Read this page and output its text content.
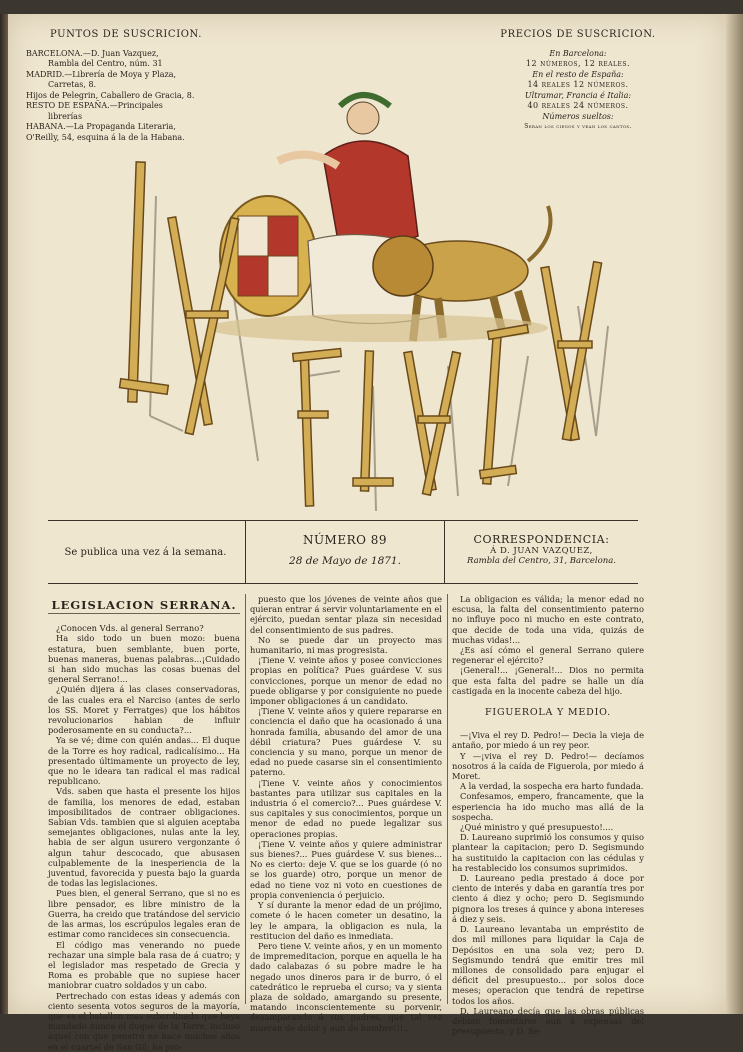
PUNTOS DE SUSCRICION.
BARCELONA.—D. Juan Vazquez,
Rambla del Centro, núm. 31
MADRID.—Librería de Moya y Plaza,
Carretas, 8.
Hijos de Pelegrin, Caballero de Gracia, 8.
RESTO DE ESPAÑA.—Principales
librerías
HABANA.—La Propaganda Literaria,
O'Reilly, 54, esquina á la de la Habana.
PRECIOS DE SUSCRICION.
En Barcelona:
12 números, 12 reales.
En el resto de España:
14 reales 12 números.
Ultramar, Francia é Italia:
40 reales 24 números.
Números sueltos:
Seran los ciegos y vean los cantos.
Se publica una vez á la semana.
NÚMERO 89
28 de Mayo de 1871.
CORRESPONDENCIA:
Á D. JUAN VAZQUEZ,
Rambla del Centro, 31, Barcelona.
LEGISLACION SERRANA.

¿Conocen Vds. al general Serrano?

Ha sido todo un buen mozo: buena estatura, buen semblante, buen porte, buenas maneras, buenas palabras...¡Cuidado si han sido muchas las cosas buenas del general Serrano!...

¿Quién dijera á las clases conservadoras, de las cuales era el Narciso (antes de serlo los SS. Moret y Ferratges) que los hábitos revolucionarios habian de influir poderosamente en su conducta?...

Ya se vé; dime con quién andas... El duque de la Torre es hoy radical, radicalísimo... Ha presentado últimamente un proyecto de ley, que no le ideara tan radical el mas radical republicano.

Vds. saben que hasta el presente los hijos de familia, los menores de edad, estaban imposibilitados de contraer obligaciones. Sabian Vds. tambien que si alguien aceptaba semejantes obligaciones, nulas ante la ley, habia de ser algun usurero vergonzante ó algun tahur descocado, que abusasen culpablemente de la inesperiencia de la juventud, favorecida y puesta bajo la guarda de todas las legislaciones.

Pues bien, el general Serrano, que si no es libre pensador, es libre ministro de la Guerra, ha creido que tratándose del servicio de las armas, los escrúpulos legales eran de estimar como rancideces sin consecuencia.

El código mas venerando no puede rechazar una simple bala rasa de á cuatro; y el legislador mas respetado de Grecia y Roma es probable que no supiese hacer maniobrar cuatro soldados y un cabo.

Pertrechado con estas ideas y además con ciento sesenta votos seguros de la mayoría, que es el batallon mas subordinado que haya mandado nunca el duque de la Torre, incluso aquel con que penetró no hace muchos años en el cuartel de San Gil; ha pro-

puesto que los jóvenes de veinte años que quieran entrar á servir voluntariamente en el ejército, puedan sentar plaza sin necesidad del consentimiento de sus padres.

No se puede dar un proyecto mas humanitario, ni mas progresista.

¡Tiene V. veinte años y posee convicciones propias en política? Pues guárdese V. sus convicciones, porque un menor de edad no puede obligarse y por consiguiente no puede imponer obligaciones á un candidato.

¡Tiene V. veinte años y quiere repararse en conciencia el daño que ha ocasionado á una honrada familia, abusando del amor de una débil criatura? Pues guárdese V. su conciencia y su mano, porque un menor de edad no puede casarse sin el consentimiento paterno.

¡Tiene V. veinte años y conocimientos bastantes para utilizar sus capitales en la industria ó el comercio?... Pues guárdese V. sus capitales y sus conocimientos, porque un menor de edad no puede legalizar sus operaciones propias.

¡Tiene V. veinte años y quiere administrar sus bienes?... Pues guárdese V. sus bienes... No es cierto: deje V. que se los guarde (ó no se los guarde) otro, porque un menor de edad no tiene voz ni voto en cuestiones de propia conveniencia ó perjuicio.

Y sí durante la menor edad de un prójimo, comete ó le hacen cometer un desatino, la ley le ampara, la obligacion es nula, la restitucion del daño es inmediata.

Pero tiene V. veinte años, y en un momento de impremeditacion, porque en aquella le ha dado calabazas ó su pobre madre le ha negado unos dineros para ir de burro, ó el catedrático le reprueba el curso; va y sienta plaza de soldado, amargando su presente, matando inconscientemente su porvenir, desamparando á sus padres, que tal vez mueran de dolor y aun de hambre!!!...

La obligacion es válida; la menor edad no escusa, la falta del consentimiento paterno no influye poco ni mucho en este contrato, que decide de toda una vida, quizás de muchas vidas!...

¿Es así cómo el general Serrano quiere regenerar el ejército?

¡General!... ¡General!... Dios no permita que esta falta del padre se halle un día castigada en la inocente cabeza del hijo.

FIGUEROLA Y MEDIO.

—¡Viva el rey D. Pedro!— Decia la vieja de antaño, por miedo á un rey peor.

Y —¡viva el rey D. Pedro!— decíamos nosotros á la caída de Figuerola, por miedo á Moret.

A la verdad, la sospecha era harto fundada.

Confesamos, empero, francamente, que la esperiencia ha ido mucho mas allá de la sospecha.

¿Qué ministro y qué presupuesto!....

D. Laureano suprimió los consumos y quiso plantear la capitacion; pero D. Segismundo ha sustituido la capitacion con las cédulas y ha restablecido los consumos suprimidos.

D. Laureano pedia prestado á doce por ciento de interés y daba en garantía tres por ciento á diez y ocho; pero D. Segismundo pignora los treses á quince y abona intereses á diez y seis.

D. Laureano levantaba un empréstito de dos mil millones para liquidar la Caja de Depósitos en una sola vez; pero D. Segismundo tendrá que emitir tres mil millones de consolidado para enjugar el déficit del presupuesto... por solos doce meses; operacion que tendrá de repetirse todos los años.

D. Laureano decía que las obras públicas debian fomentarse aun á expensas del presupuesto, y D. Se-
